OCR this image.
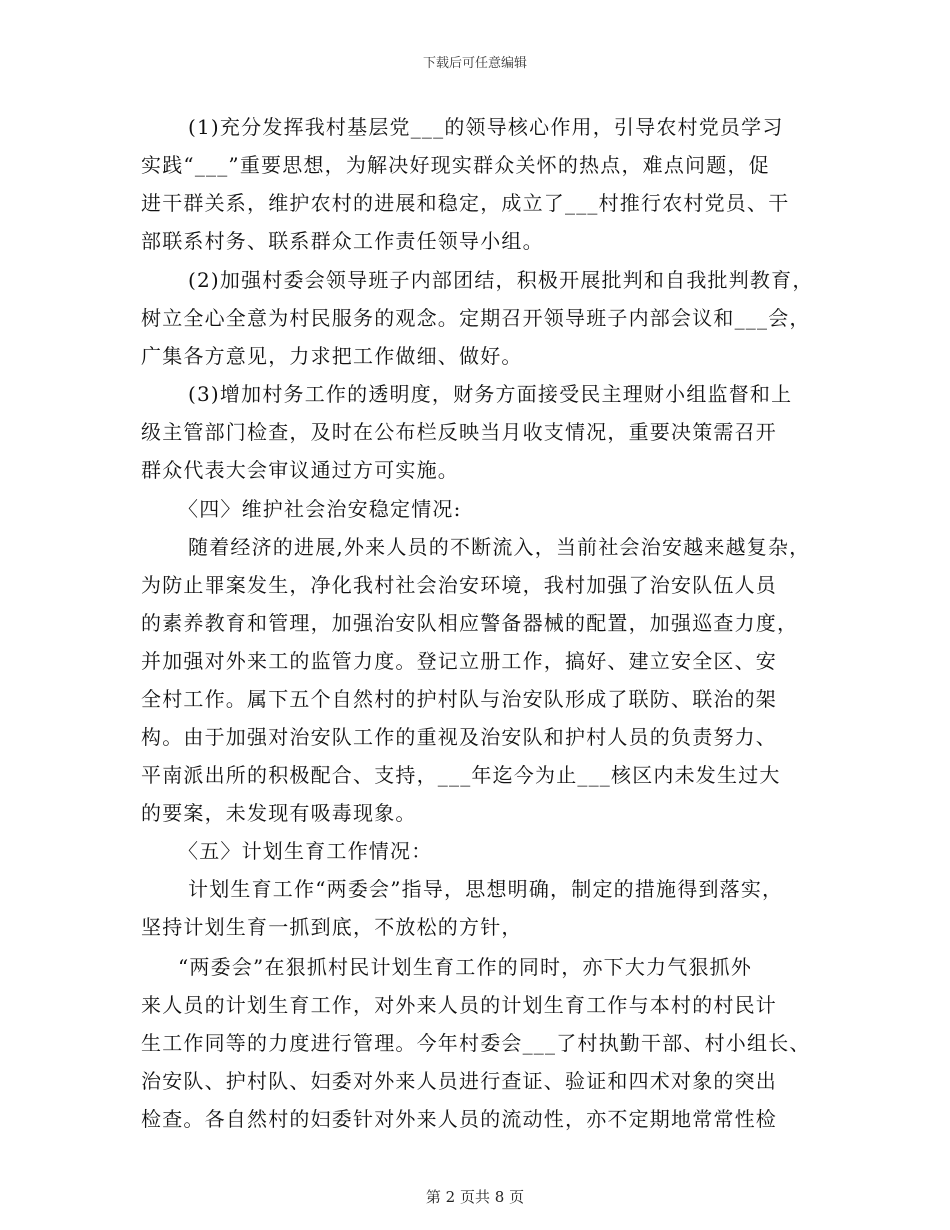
下载后可任意编辑
(1)充分发挥我村基层党___的领导核心作用，引导农村党员学习
实践“___”重要思想，为解决好现实群众关怀的热点，难点问题，促
进干群关系，维护农村的进展和稳定，成立了___村推行农村党员、干
部联系村务、联系群众工作责任领导小组。
(2)加强村委会领导班子内部团结，积极开展批判和自我批判教育，
树立全心全意为村民服务的观念。定期召开领导班子内部会议和___会，
广集各方意见，力求把工作做细、做好。
(3)增加村务工作的透明度，财务方面接受民主理财小组监督和上
级主管部门检查，及时在公布栏反映当月收支情况，重要决策需召开
群众代表大会审议通过方可实施。
〈四〉维护社会治安稳定情况:
随着经济的进展,外来人员的不断流入，当前社会治安越来越复杂，
为防止罪案发生，净化我村社会治安环境，我村加强了治安队伍人员
的素养教育和管理，加强治安队相应警备器械的配置，加强巡查力度，
并加强对外来工的监管力度。登记立册工作，搞好、建立安全区、安
全村工作。属下五个自然村的护村队与治安队形成了联防、联治的架
构。由于加强对治安队工作的重视及治安队和护村人员的负责努力、
平南派出所的积极配合、支持，___年迄今为止___核区内未发生过大
的要案，未发现有吸毒现象。
〈五〉计划生育工作情况：
计划生育工作“两委会”指导，思想明确，制定的措施得到落实，
坚持计划生育一抓到底，不放松的方针，
“两委会”在狠抓村民计划生育工作的同时，亦下大力气狠抓外
来人员的计划生育工作，对外来人员的计划生育工作与本村的村民计
生工作同等的力度进行管理。今年村委会___了村执勤干部、村小组长、
治安队、护村队、妇委对外来人员进行查证、验证和四术对象的突出
检查。各自然村的妇委针对外来人员的流动性，亦不定期地常常性检
第 2 页共 8 页
